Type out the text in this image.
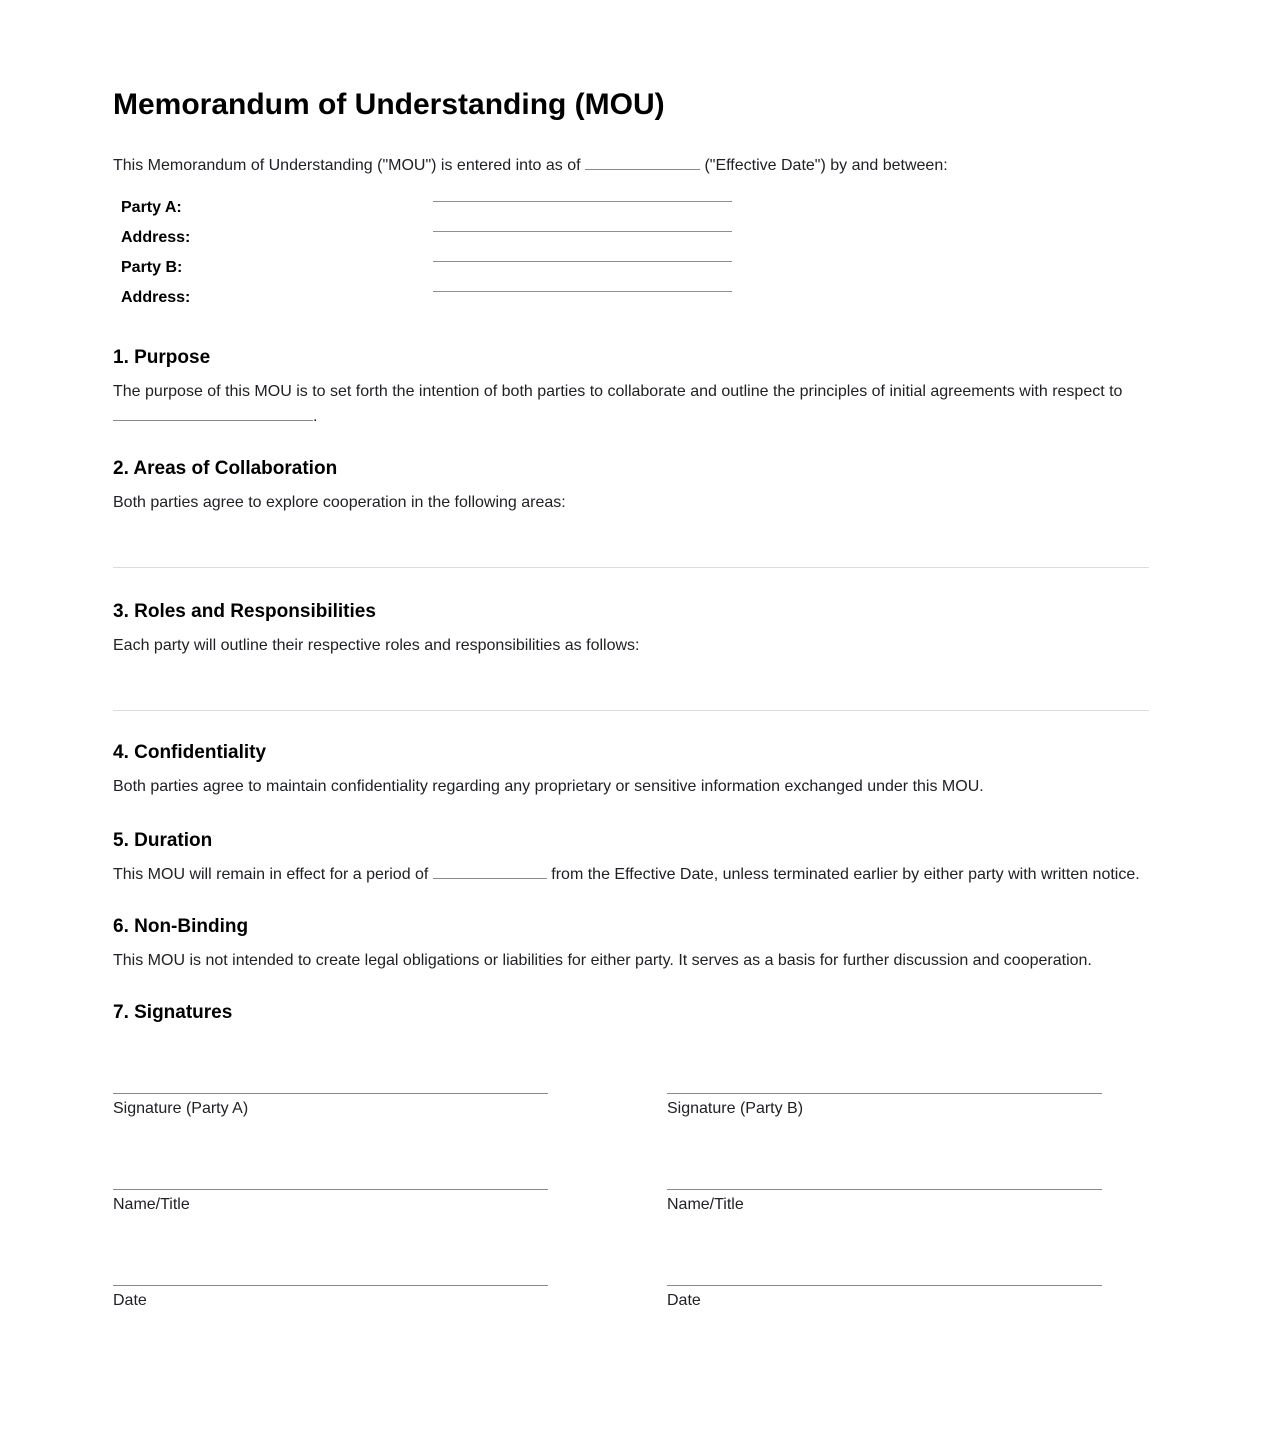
Memorandum of Understanding (MOU)

This Memorandum of Understanding ("MOU") is entered into as of	("Effective Date") by and between:

Party A:
Address:
Party B:
Address:
1. Purpose

The purpose of this MOU is to set forth the intention of both parties to collaborate and outline the principles of initial agreements with respect to .

2. Areas of Collaboration

Both parties agree to explore cooperation in the following areas:

3. Roles and Responsibilities

Each party will outline their respective roles and responsibilities as follows:

4. Confidentiality

Both parties agree to maintain confidentiality regarding any proprietary or sensitive information exchanged under this MOU.

5. Duration

This MOU will remain in effect for a period of	from the Effective Date, unless terminated earlier by either party with written notice.

6. Non-Binding

This MOU is not intended to create legal obligations or liabilities for either party. It serves as a basis for further discussion and cooperation.

7. Signatures

Signature (Party A)

Name/Title

Date

Signature (Party B)

Name/Title

Date
